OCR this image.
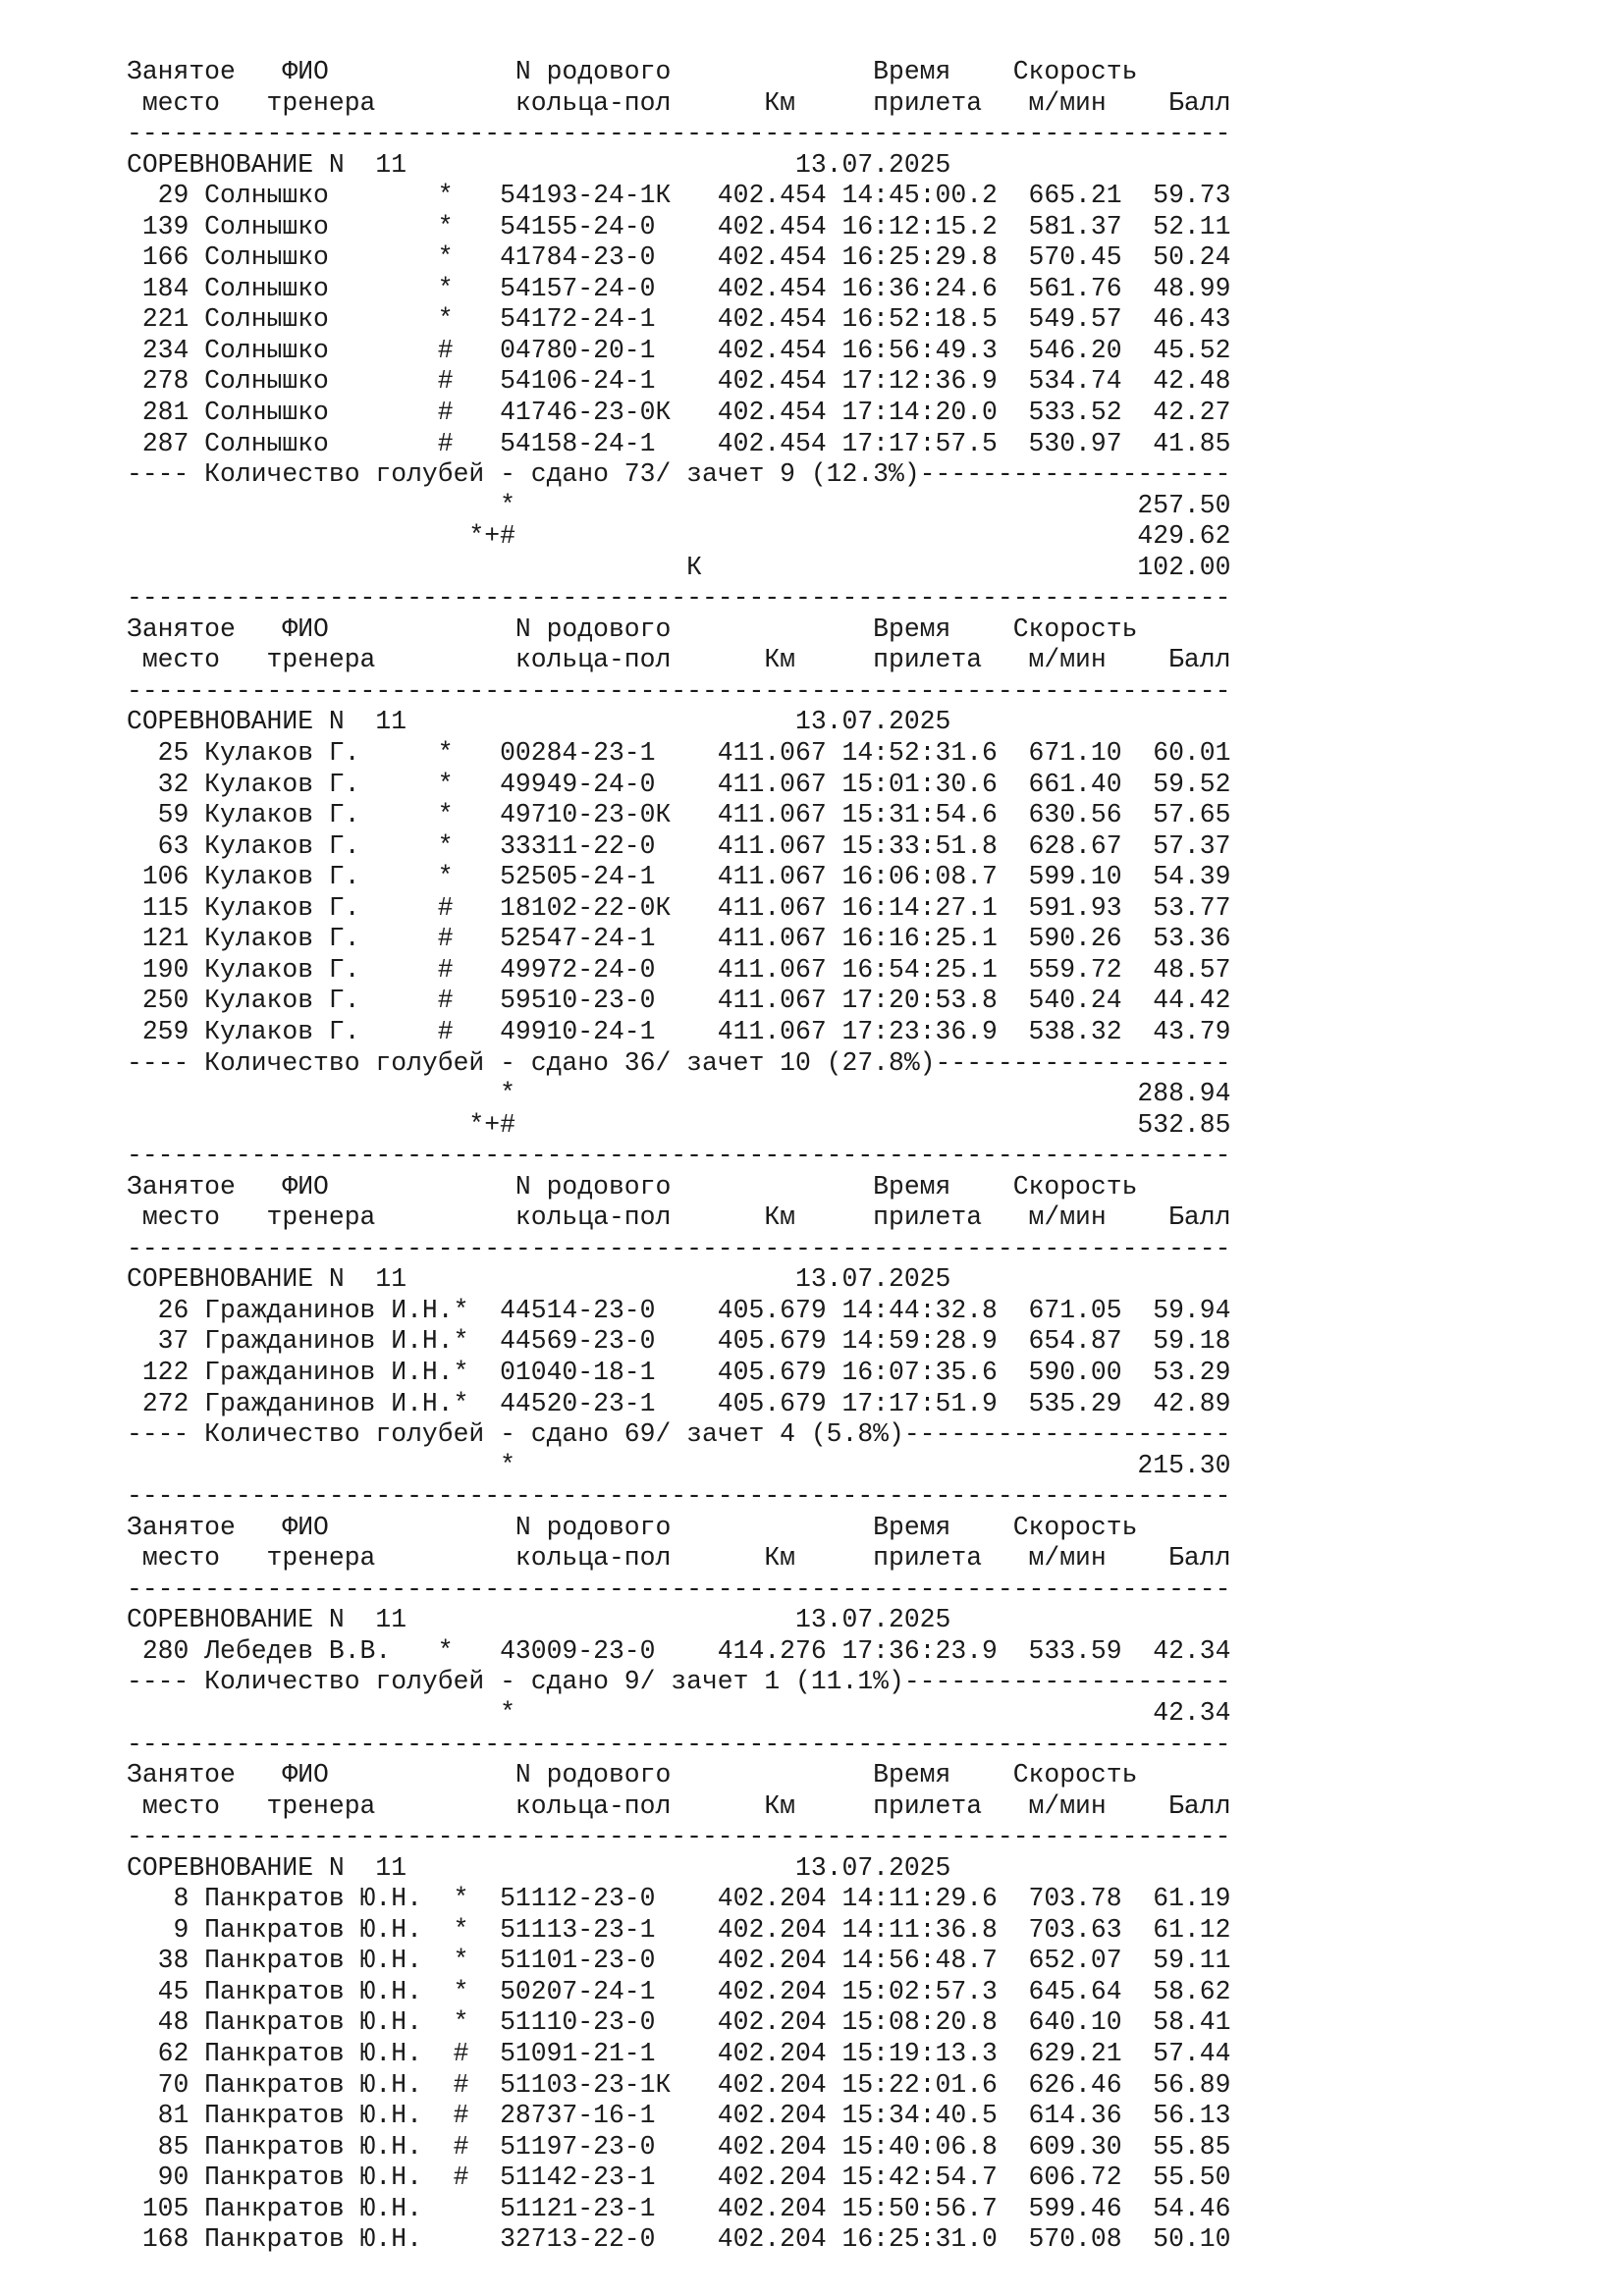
Занятое   ФИО            N родового             Время    Скорость
место   тренера         кольца-пол      Км     прилета   м/мин    Балл
-----------------------------------------------------------------------
СОРЕВНОВАНИЕ N  11                         13.07.2025
29 Солнышко       *   54193-24-1К   402.454 14:45:00.2  665.21  59.73
139 Солнышко       *   54155-24-0    402.454 16:12:15.2  581.37  52.11
166 Солнышко       *   41784-23-0    402.454 16:25:29.8  570.45  50.24
184 Солнышко       *   54157-24-0    402.454 16:36:24.6  561.76  48.99
221 Солнышко       *   54172-24-1    402.454 16:52:18.5  549.57  46.43
234 Солнышко       #   04780-20-1    402.454 16:56:49.3  546.20  45.52
278 Солнышко       #   54106-24-1    402.454 17:12:36.9  534.74  42.48
281 Солнышко       #   41746-23-0К   402.454 17:14:20.0  533.52  42.27
287 Солнышко       #   54158-24-1    402.454 17:17:57.5  530.97  41.85
---- Количество голубей - сдано 73/ зачет 9 (12.3%)--------------------
*                                        257.50
*+#                                        429.62
К                            102.00
-----------------------------------------------------------------------
Занятое   ФИО            N родового             Время    Скорость
место   тренера         кольца-пол      Км     прилета   м/мин    Балл
-----------------------------------------------------------------------
СОРЕВНОВАНИЕ N  11                         13.07.2025
25 Кулаков Г.     *   00284-23-1    411.067 14:52:31.6  671.10  60.01
32 Кулаков Г.     *   49949-24-0    411.067 15:01:30.6  661.40  59.52
59 Кулаков Г.     *   49710-23-0К   411.067 15:31:54.6  630.56  57.65
63 Кулаков Г.     *   33311-22-0    411.067 15:33:51.8  628.67  57.37
106 Кулаков Г.     *   52505-24-1    411.067 16:06:08.7  599.10  54.39
115 Кулаков Г.     #   18102-22-0К   411.067 16:14:27.1  591.93  53.77
121 Кулаков Г.     #   52547-24-1    411.067 16:16:25.1  590.26  53.36
190 Кулаков Г.     #   49972-24-0    411.067 16:54:25.1  559.72  48.57
250 Кулаков Г.     #   59510-23-0    411.067 17:20:53.8  540.24  44.42
259 Кулаков Г.     #   49910-24-1    411.067 17:23:36.9  538.32  43.79
---- Количество голубей - сдано 36/ зачет 10 (27.8%)-------------------
*                                        288.94
*+#                                        532.85
-----------------------------------------------------------------------
Занятое   ФИО            N родового             Время    Скорость
место   тренера         кольца-пол      Км     прилета   м/мин    Балл
-----------------------------------------------------------------------
СОРЕВНОВАНИЕ N  11                         13.07.2025
26 Гражданинов И.Н.*  44514-23-0    405.679 14:44:32.8  671.05  59.94
37 Гражданинов И.Н.*  44569-23-0    405.679 14:59:28.9  654.87  59.18
122 Гражданинов И.Н.*  01040-18-1    405.679 16:07:35.6  590.00  53.29
272 Гражданинов И.Н.*  44520-23-1    405.679 17:17:51.9  535.29  42.89
---- Количество голубей - сдано 69/ зачет 4 (5.8%)---------------------
*                                        215.30
-----------------------------------------------------------------------
Занятое   ФИО            N родового             Время    Скорость
место   тренера         кольца-пол      Км     прилета   м/мин    Балл
-----------------------------------------------------------------------
СОРЕВНОВАНИЕ N  11                         13.07.2025
280 Лебедев В.В.   *   43009-23-0    414.276 17:36:23.9  533.59  42.34
---- Количество голубей - сдано 9/ зачет 1 (11.1%)---------------------
*                                         42.34
-----------------------------------------------------------------------
Занятое   ФИО            N родового             Время    Скорость
место   тренера         кольца-пол      Км     прилета   м/мин    Балл
-----------------------------------------------------------------------
СОРЕВНОВАНИЕ N  11                         13.07.2025
8 Панкратов Ю.Н.  *  51112-23-0    402.204 14:11:29.6  703.78  61.19
9 Панкратов Ю.Н.  *  51113-23-1    402.204 14:11:36.8  703.63  61.12
38 Панкратов Ю.Н.  *  51101-23-0    402.204 14:56:48.7  652.07  59.11
45 Панкратов Ю.Н.  *  50207-24-1    402.204 15:02:57.3  645.64  58.62
48 Панкратов Ю.Н.  *  51110-23-0    402.204 15:08:20.8  640.10  58.41
62 Панкратов Ю.Н.  #  51091-21-1    402.204 15:19:13.3  629.21  57.44
70 Панкратов Ю.Н.  #  51103-23-1К   402.204 15:22:01.6  626.46  56.89
81 Панкратов Ю.Н.  #  28737-16-1    402.204 15:34:40.5  614.36  56.13
85 Панкратов Ю.Н.  #  51197-23-0    402.204 15:40:06.8  609.30  55.85
90 Панкратов Ю.Н.  #  51142-23-1    402.204 15:42:54.7  606.72  55.50
105 Панкратов Ю.Н.     51121-23-1    402.204 15:50:56.7  599.46  54.46
168 Панкратов Ю.Н.     32713-22-0    402.204 16:25:31.0  570.08  50.10
